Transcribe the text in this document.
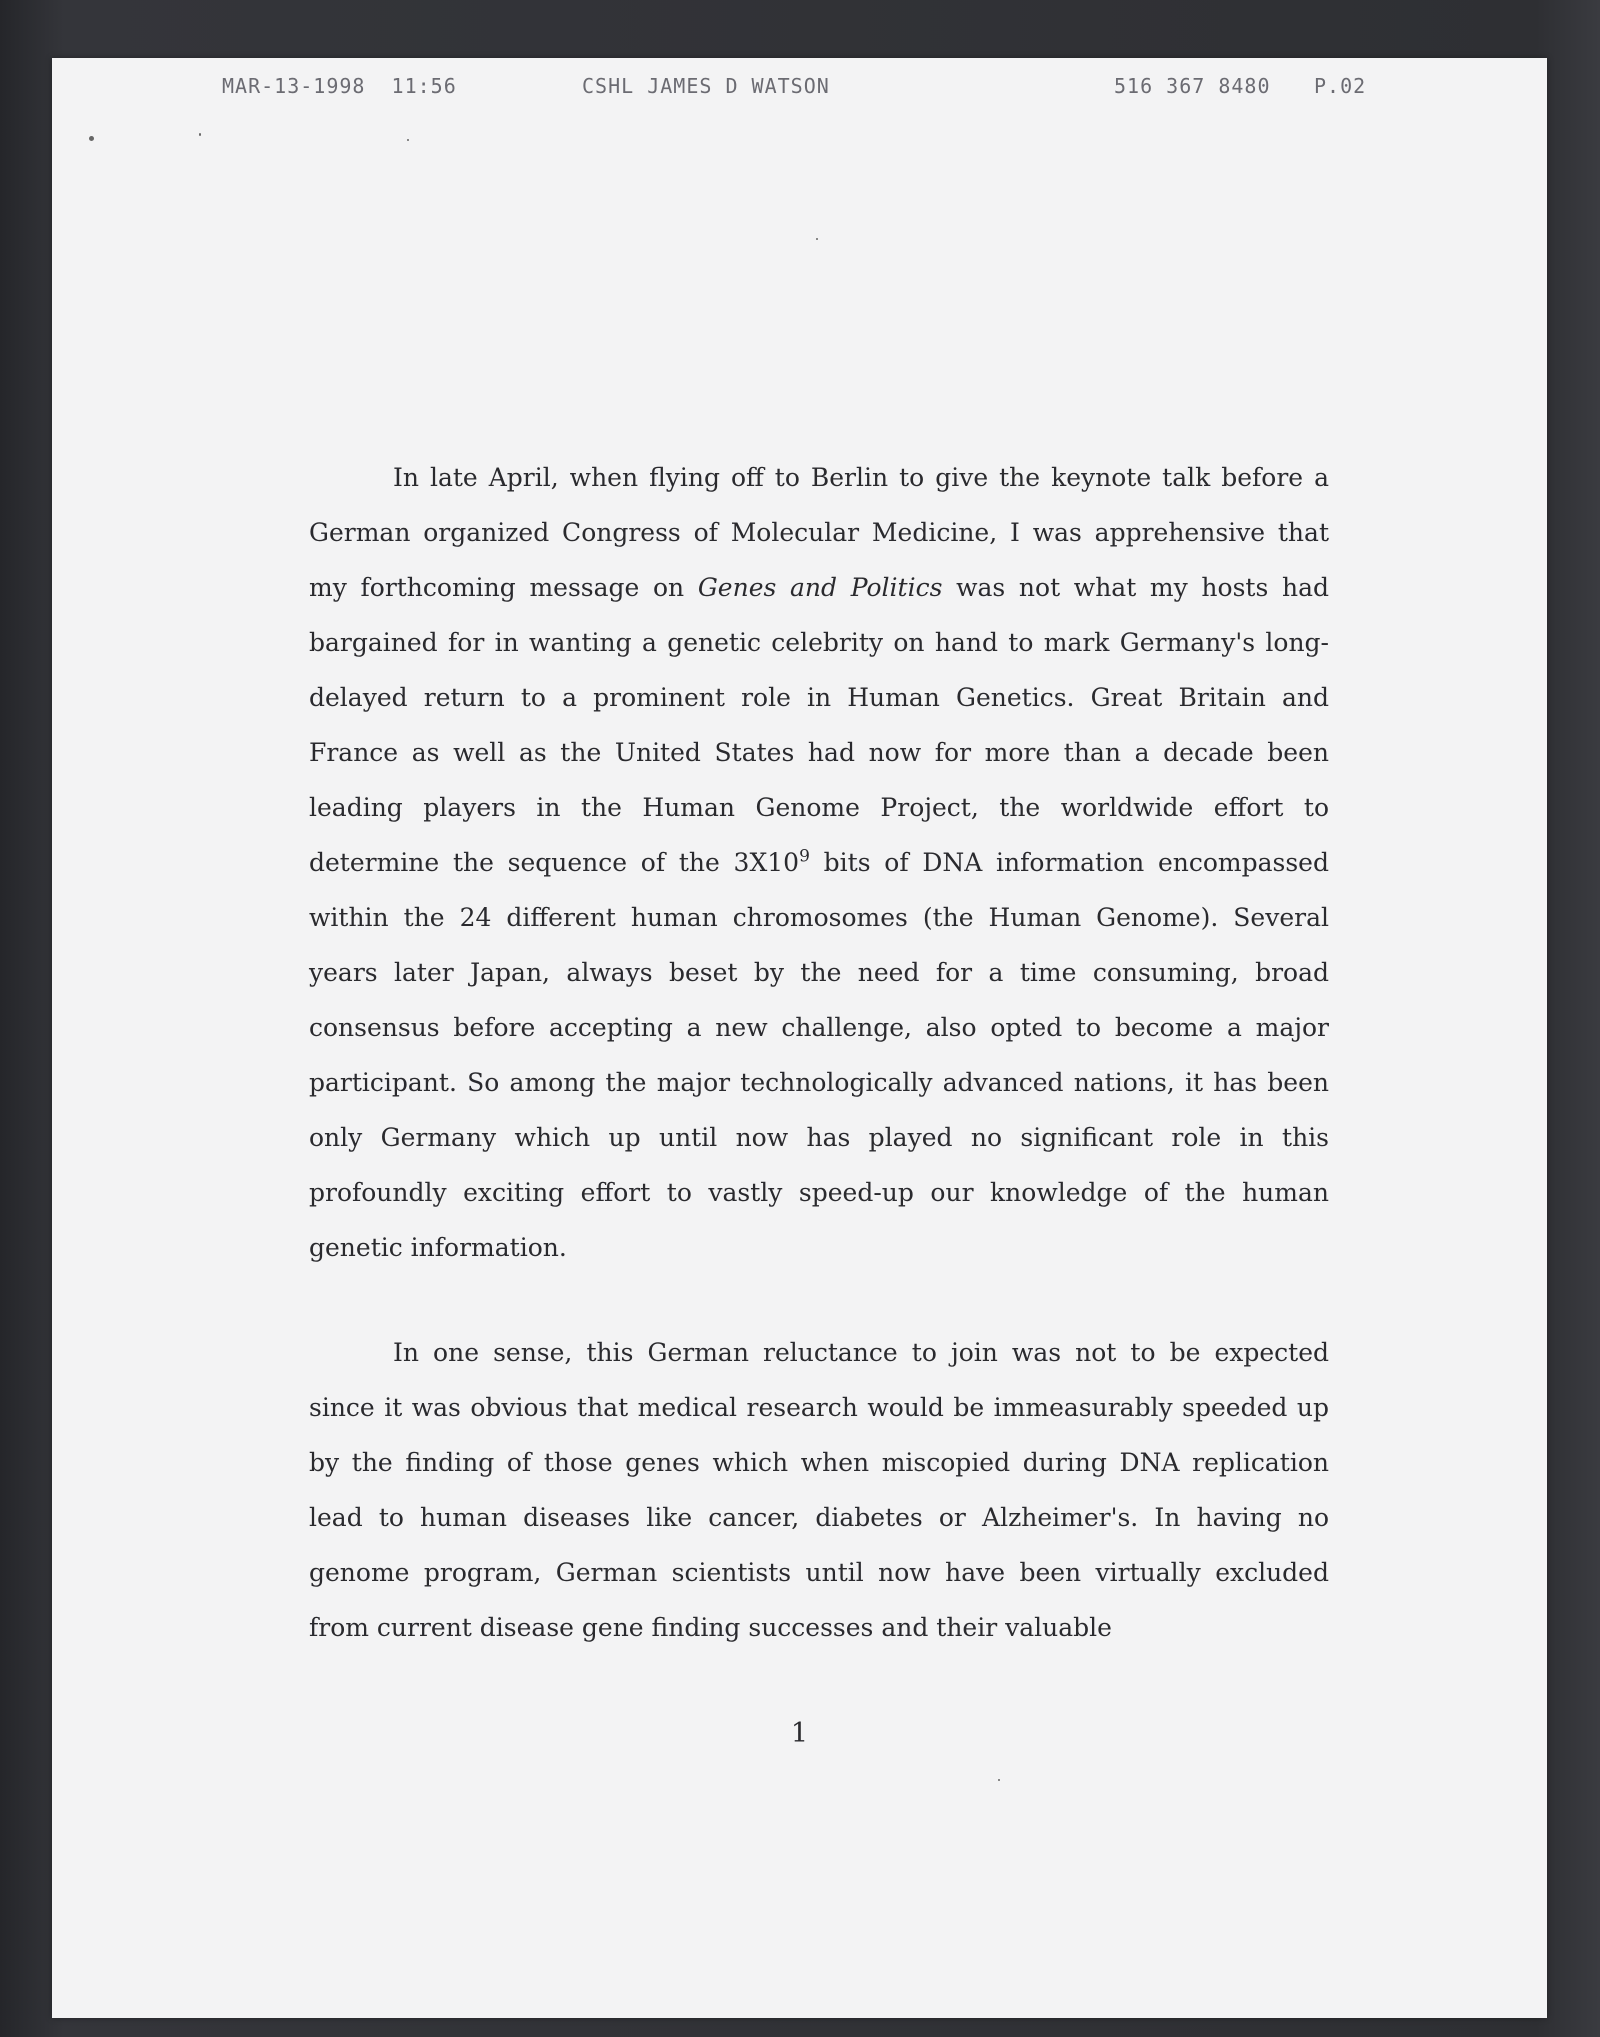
MAR-13-1998 11:56	CSHL JAMES D WATSON	516 367 8480 P.02

In late April, when flying off to Berlin to give the keynote talk before a German organized Congress of Molecular Medicine, I was apprehensive that my forthcoming message on Genes and Politics was not what my hosts had bargained for in wanting a genetic celebrity on hand to mark Germany's long-delayed return to a prominent role in Human Genetics. Great Britain and France as well as the United States had now for more than a decade been leading players in the Human Genome Project, the worldwide effort to determine the sequence of the $3X10^9$ bits of DNA information encompassed within the 24 different human chromosomes (the Human Genome). Several years later Japan, always beset by the need for a time consuming, broad consensus before accepting a new challenge, also opted to become a major participant. So among the major technologically advanced nations, it has been only Germany which up until now has played no significant role in this profoundly exciting effort to vastly speed-up our knowledge of the human genetic information.

In one sense, this German reluctance to join was not to be expected since it was obvious that medical research would be immeasurably speeded up by the finding of those genes which when miscopied during DNA replication lead to human diseases like cancer, diabetes or Alzheimer's. In having no genome program, German scientists until now have been virtually excluded from current disease gene finding successes and their valuable

1
